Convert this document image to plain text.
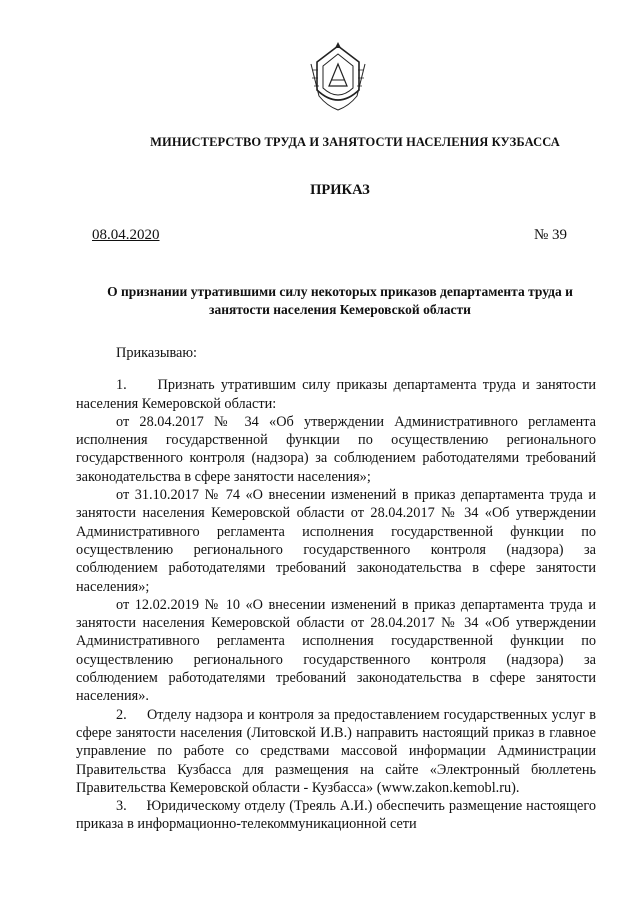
МИНИСТЕРСТВО ТРУДА И ЗАНЯТОСТИ НАСЕЛЕНИЯ КУЗБАССА
ПРИКАЗ
08.04.2020	№ 39
О признании утратившими силу некоторых приказов департамента труда и занятости населения Кемеровской области

Приказываю:

1. Признать утратившим силу приказы департамента труда и занятости населения Кемеровской области:

от 28.04.2017 № 34 «Об утверждении Административного регламента исполнения государственной функции по осуществлению регионального государственного контроля (надзора) за соблюдением работодателями требований законодательства в сфере занятости населения»;

от 31.10.2017 № 74 «О внесении изменений в приказ департамента труда и занятости населения Кемеровской области от 28.04.2017 № 34 «Об утверждении Административного регламента исполнения государственной функции по осуществлению регионального государственного контроля (надзора) за соблюдением работодателями требований законодательства в сфере занятости населения»;

от 12.02.2019 № 10 «О внесении изменений в приказ департамента труда и занятости населения Кемеровской области от 28.04.2017 № 34 «Об утверждении Административного регламента исполнения государственной функции по осуществлению регионального государственного контроля (надзора) за соблюдением работодателями требований законодательства в сфере занятости населения».

2. Отделу надзора и контроля за предоставлением государственных услуг в сфере занятости населения (Литовской И.В.) направить настоящий приказ в главное управление по работе со средствами массовой информации Администрации Правительства Кузбасса для размещения на сайте «Электронный бюллетень Правительства Кемеровской области - Кузбасса» (www.zakon.kemobl.ru).

3. Юридическому отделу (Треяль А.И.) обеспечить размещение настоящего приказа в информационно-телекоммуникационной сети
